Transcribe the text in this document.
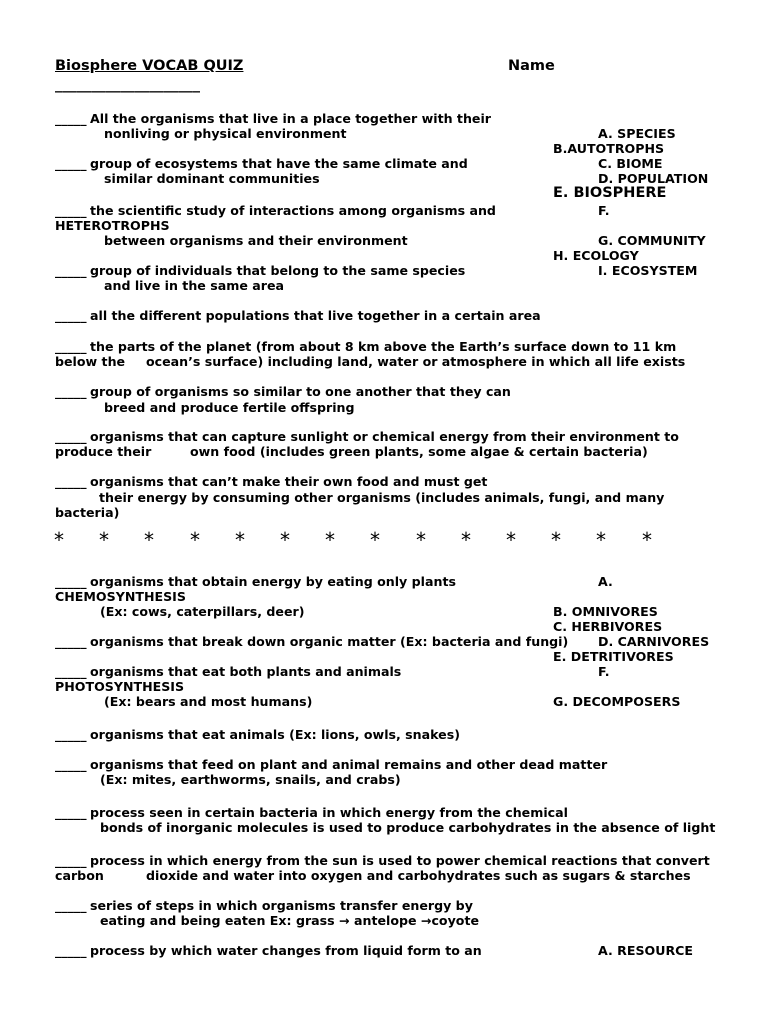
Biosphere VOCAB QUIZ	Name
____________________
_____ All the organisms that live in a place together with their
nonliving or physical environment
_____ group of ecosystems that have the same climate and
similar dominant communities
_____ the scientific study of interactions among organisms and
between organisms and their environment
_____ group of individuals that belong to the same species
and live in the same area
_____ all the different populations that live together in a certain area
_____ the parts of the planet (from about 8 km above the Earth’s surface down to 11 km
below the ocean’s surface) including land, water or atmosphere in which all life exists
_____ group of organisms so similar to one another that they can
breed and produce fertile offspring
_____ organisms that can capture sunlight or chemical energy from their environment to
produce their	own food (includes green plants, some algae & certain bacteria)
_____ organisms that can’t make their own food and must get
their energy by consuming other organisms (includes animals, fungi, and many
bacteria)
A. SPECIES
B.AUTOTROPHS
C. BIOME
D. POPULATION
E. BIOSPHERE
F.
HETEROTROPHS
G. COMMUNITY
H. ECOLOGY
I. ECOSYSTEM
* * * * * * * * * * * * * *
_____ organisms that obtain energy by eating only plants
(Ex: cows, caterpillars, deer)
_____ organisms that break down organic matter (Ex: bacteria and fungi)
_____ organisms that eat both plants and animals
(Ex: bears and most humans)
_____ organisms that eat animals (Ex: lions, owls, snakes)
_____ organisms that feed on plant and animal remains and other dead matter
(Ex: mites, earthworms, snails, and crabs)
_____ process seen in certain bacteria in which energy from the chemical
bonds of inorganic molecules is used to produce carbohydrates in the absence of light
_____ process in which energy from the sun is used to power chemical reactions that convert
carbon	dioxide and water into oxygen and carbohydrates such as sugars & starches
_____ series of steps in which organisms transfer energy by
eating and being eaten Ex: grass → antelope →coyote
A.
CHEMOSYNTHESIS
B. OMNIVORES
C. HERBIVORES
D. CARNIVORES
E. DETRITIVORES
F.
PHOTOSYNTHESIS
G. DECOMPOSERS
_____ process by which water changes from liquid form to an	A. RESOURCE
